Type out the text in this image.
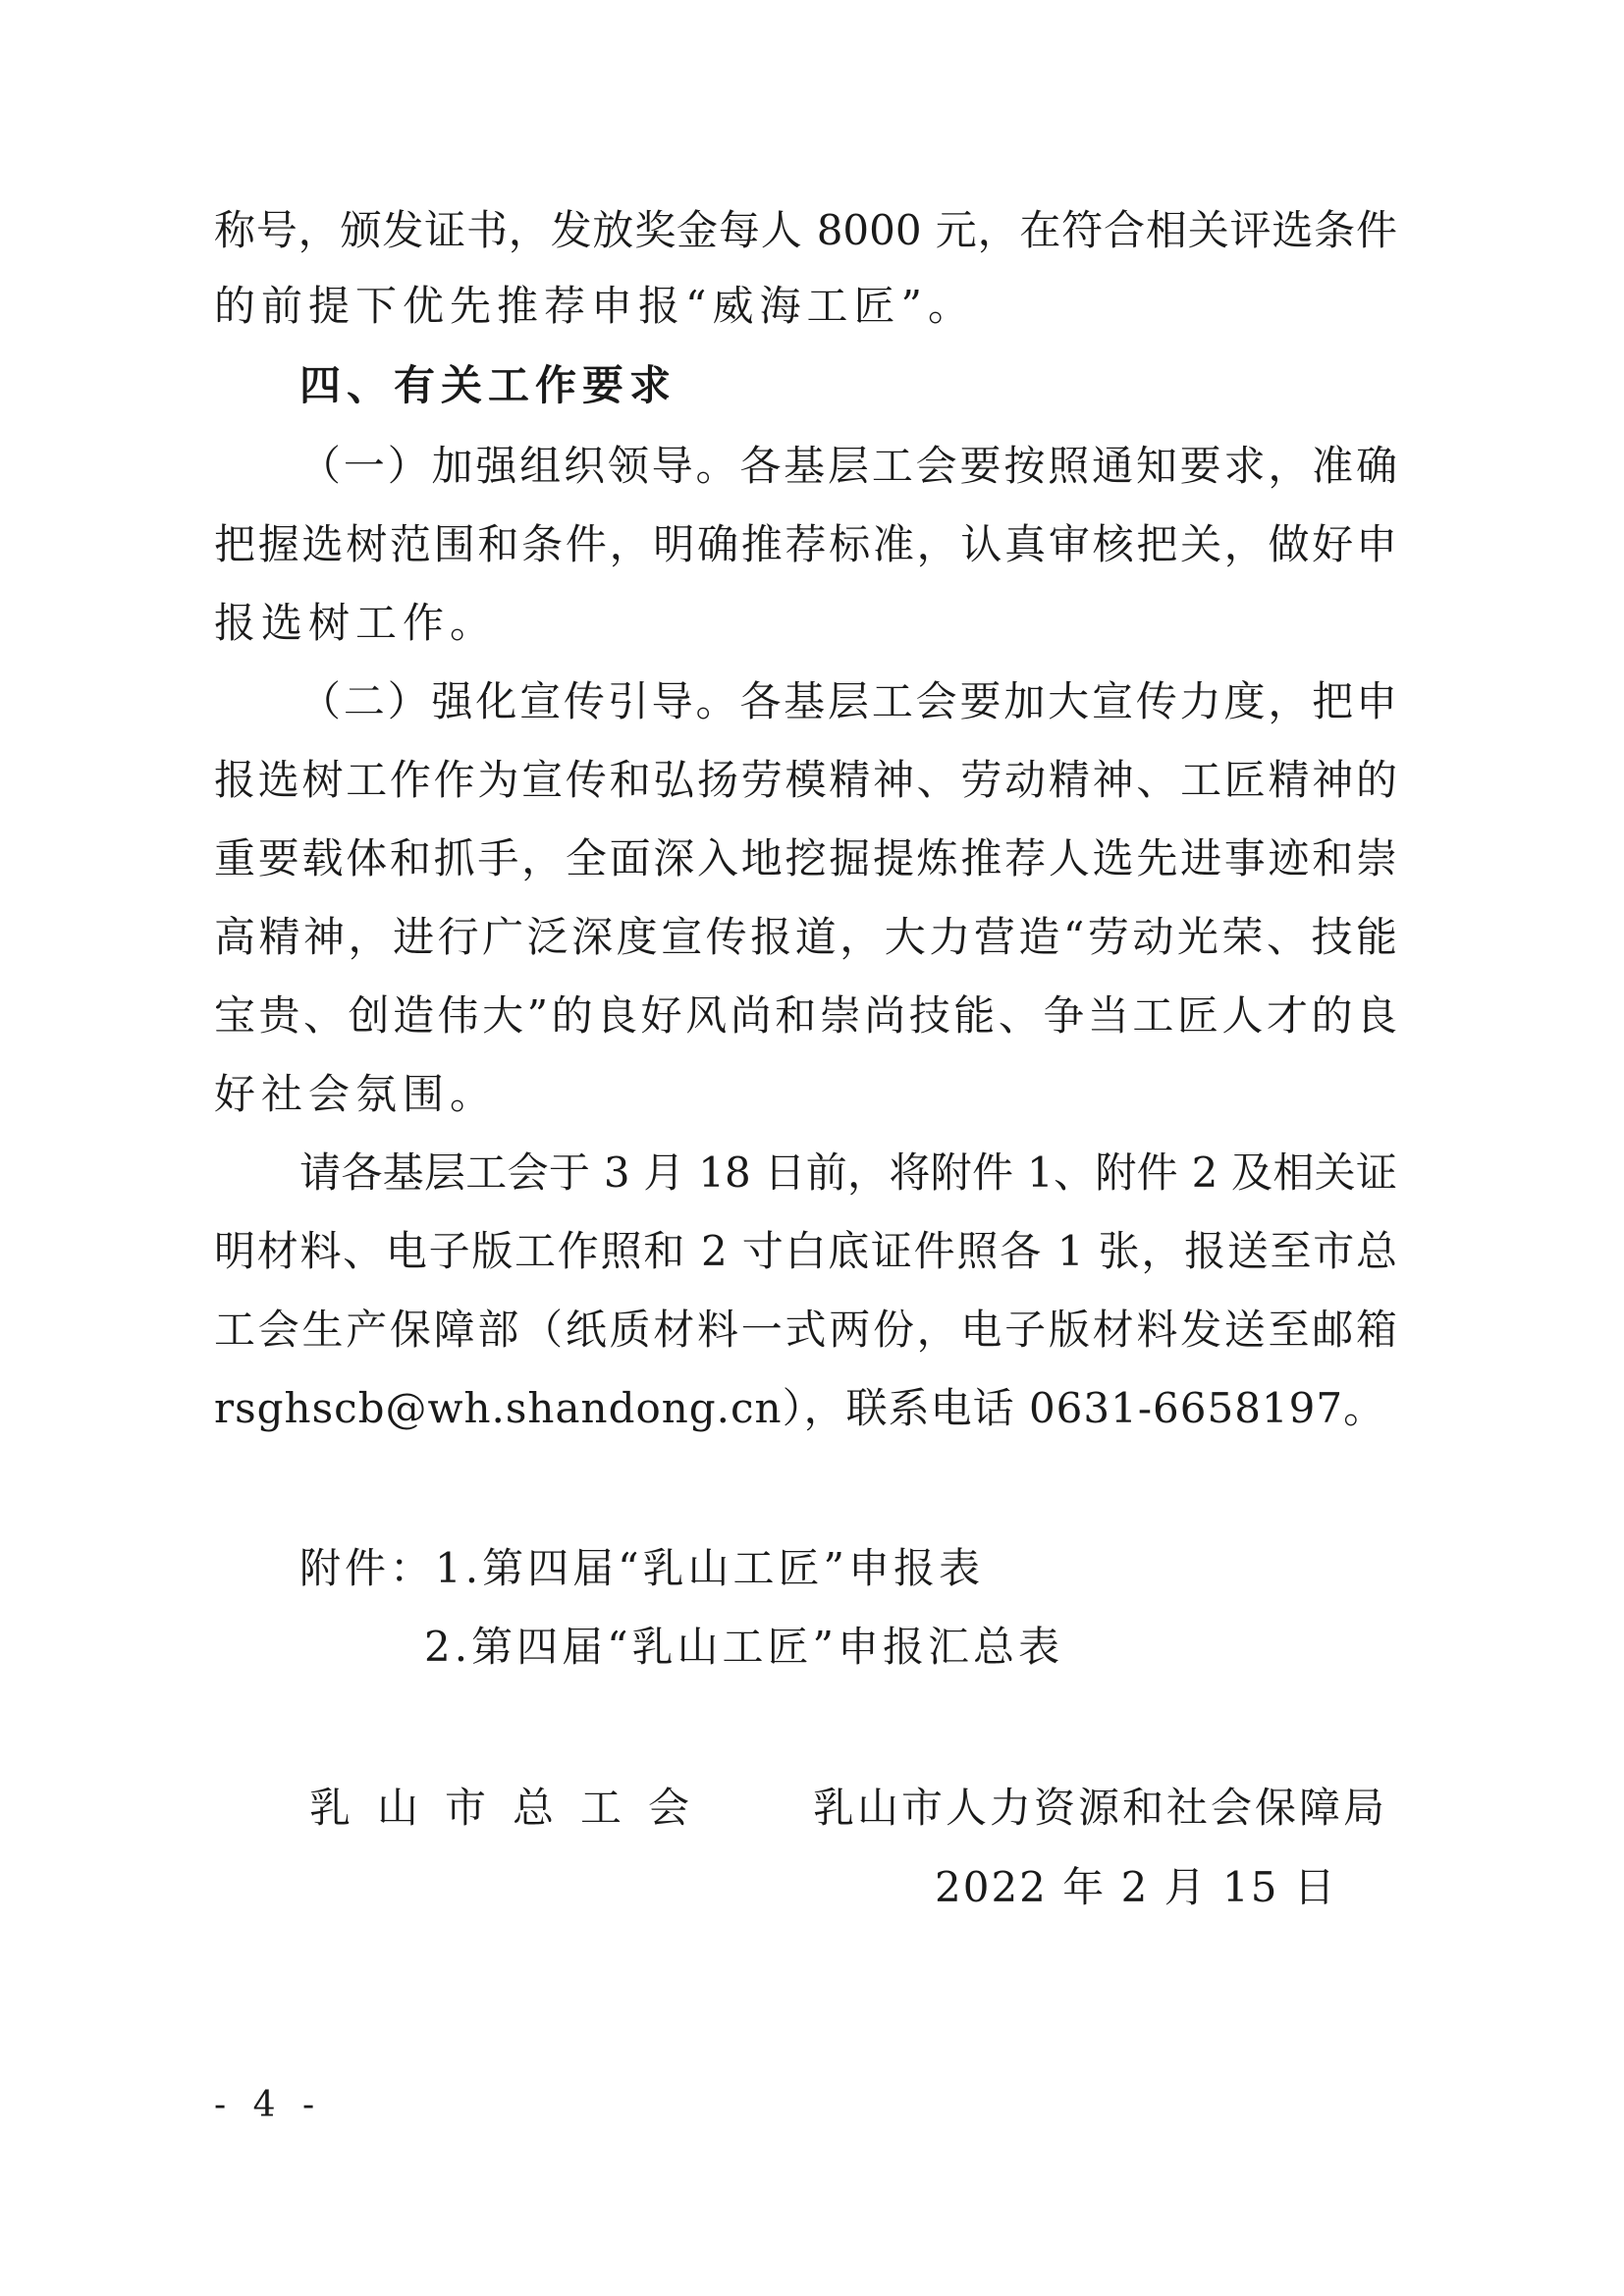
称号，颁发证书，发放奖金每人 8000 元，在符合相关评选条件
的前提下优先推荐申报“威海工匠”。
四、有关工作要求
（一）加强组织领导。各基层工会要按照通知要求，准确
把握选树范围和条件，明确推荐标准，认真审核把关，做好申
报选树工作。
（二）强化宣传引导。各基层工会要加大宣传力度，把申
报选树工作作为宣传和弘扬劳模精神、劳动精神、工匠精神的
重要载体和抓手，全面深入地挖掘提炼推荐人选先进事迹和崇
高精神，进行广泛深度宣传报道，大力营造“劳动光荣、技能
宝贵、创造伟大”的良好风尚和崇尚技能、争当工匠人才的良
好社会氛围。
请各基层工会于 3 月 18 日前，将附件 1、附件 2 及相关证
明材料、电子版工作照和 2 寸白底证件照各 1 张，报送至市总
工会生产保障部（纸质材料一式两份，电子版材料发送至邮箱
rsghscb@wh.shandong.cn），联系电话 0631-6658197。
附件：1.第四届“乳山工匠”申报表
2.第四届“乳山工匠”申报汇总表
乳山市总工会 乳山市人力资源和社会保障局
2022 年 2 月 15 日
- 4 -
